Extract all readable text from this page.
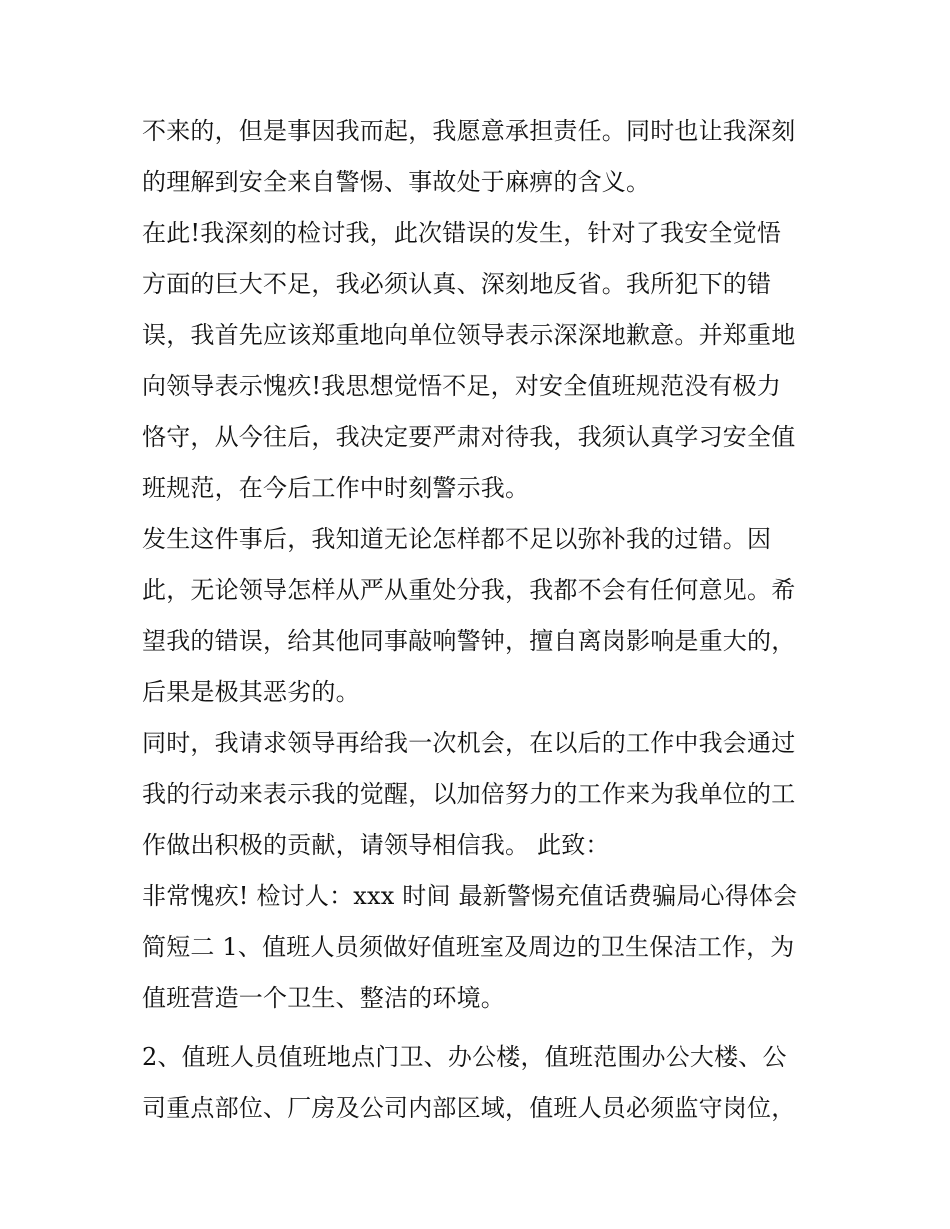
不来的，但是事因我而起，我愿意承担责任。同时也让我深刻
的理解到安全来自警惕、事故处于麻痹的含义。
在此!我深刻的检讨我，此次错误的发生，针对了我安全觉悟
方面的巨大不足，我必须认真、深刻地反省。我所犯下的错
误，我首先应该郑重地向单位领导表示深深地歉意。并郑重地
向领导表示愧疚!我思想觉悟不足，对安全值班规范没有极力
恪守，从今往后，我决定要严肃对待我，我须认真学习安全值
班规范，在今后工作中时刻警示我。
发生这件事后，我知道无论怎样都不足以弥补我的过错。因
此，无论领导怎样从严从重处分我，我都不会有任何意见。希
望我的错误，给其他同事敲响警钟，擅自离岗影响是重大的，
后果是极其恶劣的。
同时，我请求领导再给我一次机会，在以后的工作中我会通过
我的行动来表示我的觉醒，以加倍努力的工作来为我单位的工
作做出积极的贡献，请领导相信我。 此致：
非常愧疚! 检讨人：xxx 时间 最新警惕充值话费骗局心得体会
简短二 1、值班人员须做好值班室及周边的卫生保洁工作，为
值班营造一个卫生、整洁的环境。
2、值班人员值班地点门卫、办公楼，值班范围办公大楼、公
司重点部位、厂房及公司内部区域，值班人员必须监守岗位，
